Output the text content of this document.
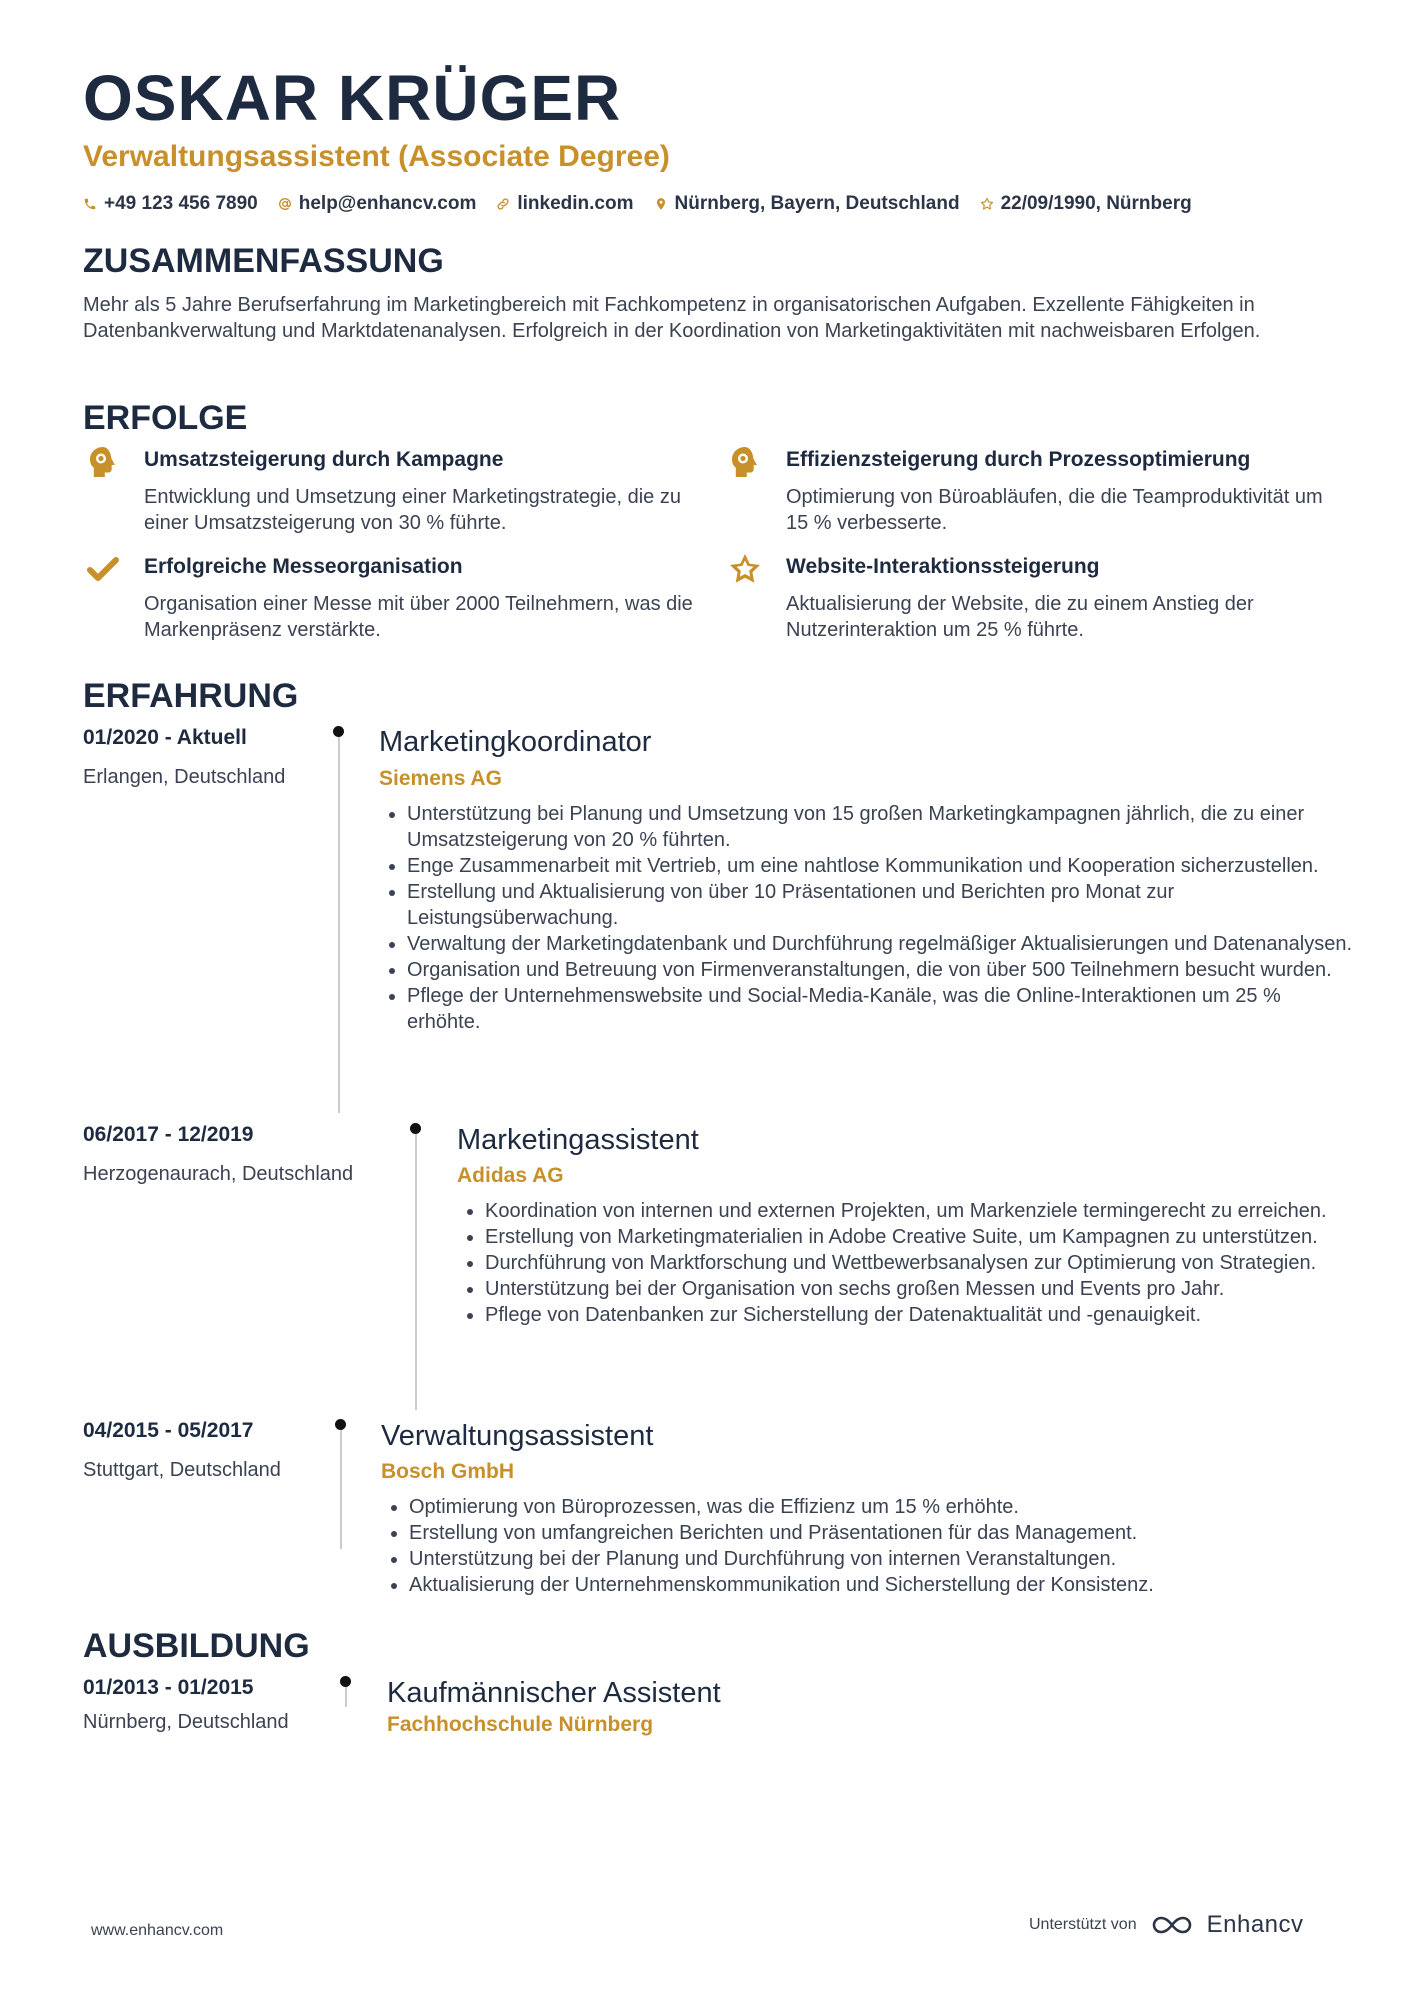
OSKAR KRÜGER
Verwaltungsassistent (Associate Degree)
+49 123 456 7890 help@enhancv.com linkedin.com Nürnberg, Bayern, Deutschland 22/09/1990, Nürnberg
ZUSAMMENFASSUNG
Mehr als 5 Jahre Berufserfahrung im Marketingbereich mit Fachkompetenz in organisatorischen Aufgaben. Exzellente Fähigkeiten in Datenbankverwaltung und Marktdatenanalysen. Erfolgreich in der Koordination von Marketingaktivitäten mit nachweisbaren Erfolgen.
ERFOLGE
Umsatzsteigerung durch Kampagne
Entwicklung und Umsetzung einer Marketingstrategie, die zu einer Umsatzsteigerung von 30 % führte.
Effizienzsteigerung durch Prozessoptimierung
Optimierung von Büroabläufen, die die Teamproduktivität um 15 % verbesserte.
Erfolgreiche Messeorganisation
Organisation einer Messe mit über 2000 Teilnehmern, was die Markenpräsenz verstärkte.
Website-Interaktionssteigerung
Aktualisierung der Website, die zu einem Anstieg der Nutzerinteraktion um 25 % führte.
ERFAHRUNG
01/2020 - Aktuell
Erlangen, Deutschland
Marketingkoordinator
Siemens AG
• Unterstützung bei Planung und Umsetzung von 15 großen Marketingkampagnen jährlich, die zu einer Umsatzsteigerung von 20 % führten.
• Enge Zusammenarbeit mit Vertrieb, um eine nahtlose Kommunikation und Kooperation sicherzustellen.
• Erstellung und Aktualisierung von über 10 Präsentationen und Berichten pro Monat zur Leistungsüberwachung.
• Verwaltung der Marketingdatenbank und Durchführung regelmäßiger Aktualisierungen und Datenanalysen.
• Organisation und Betreuung von Firmenveranstaltungen, die von über 500 Teilnehmern besucht wurden.
• Pflege der Unternehmenswebsite und Social-Media-Kanäle, was die Online-Interaktionen um 25 % erhöhte.
06/2017 - 12/2019
Herzogenaurach, Deutschland
Marketingassistent
Adidas AG
• Koordination von internen und externen Projekten, um Markenziele termingerecht zu erreichen.
• Erstellung von Marketingmaterialien in Adobe Creative Suite, um Kampagnen zu unterstützen.
• Durchführung von Marktforschung und Wettbewerbsanalysen zur Optimierung von Strategien.
• Unterstützung bei der Organisation von sechs großen Messen und Events pro Jahr.
• Pflege von Datenbanken zur Sicherstellung der Datenaktualität und -genauigkeit.
04/2015 - 05/2017
Stuttgart, Deutschland
Verwaltungsassistent
Bosch GmbH
• Optimierung von Büroprozessen, was die Effizienz um 15 % erhöhte.
• Erstellung von umfangreichen Berichten und Präsentationen für das Management.
• Unterstützung bei der Planung und Durchführung von internen Veranstaltungen.
• Aktualisierung der Unternehmenskommunikation und Sicherstellung der Konsistenz.
AUSBILDUNG
01/2013 - 01/2015
Nürnberg, Deutschland
Kaufmännischer Assistent
Fachhochschule Nürnberg
www.enhancv.com	Unterstützt von	Enhancv
